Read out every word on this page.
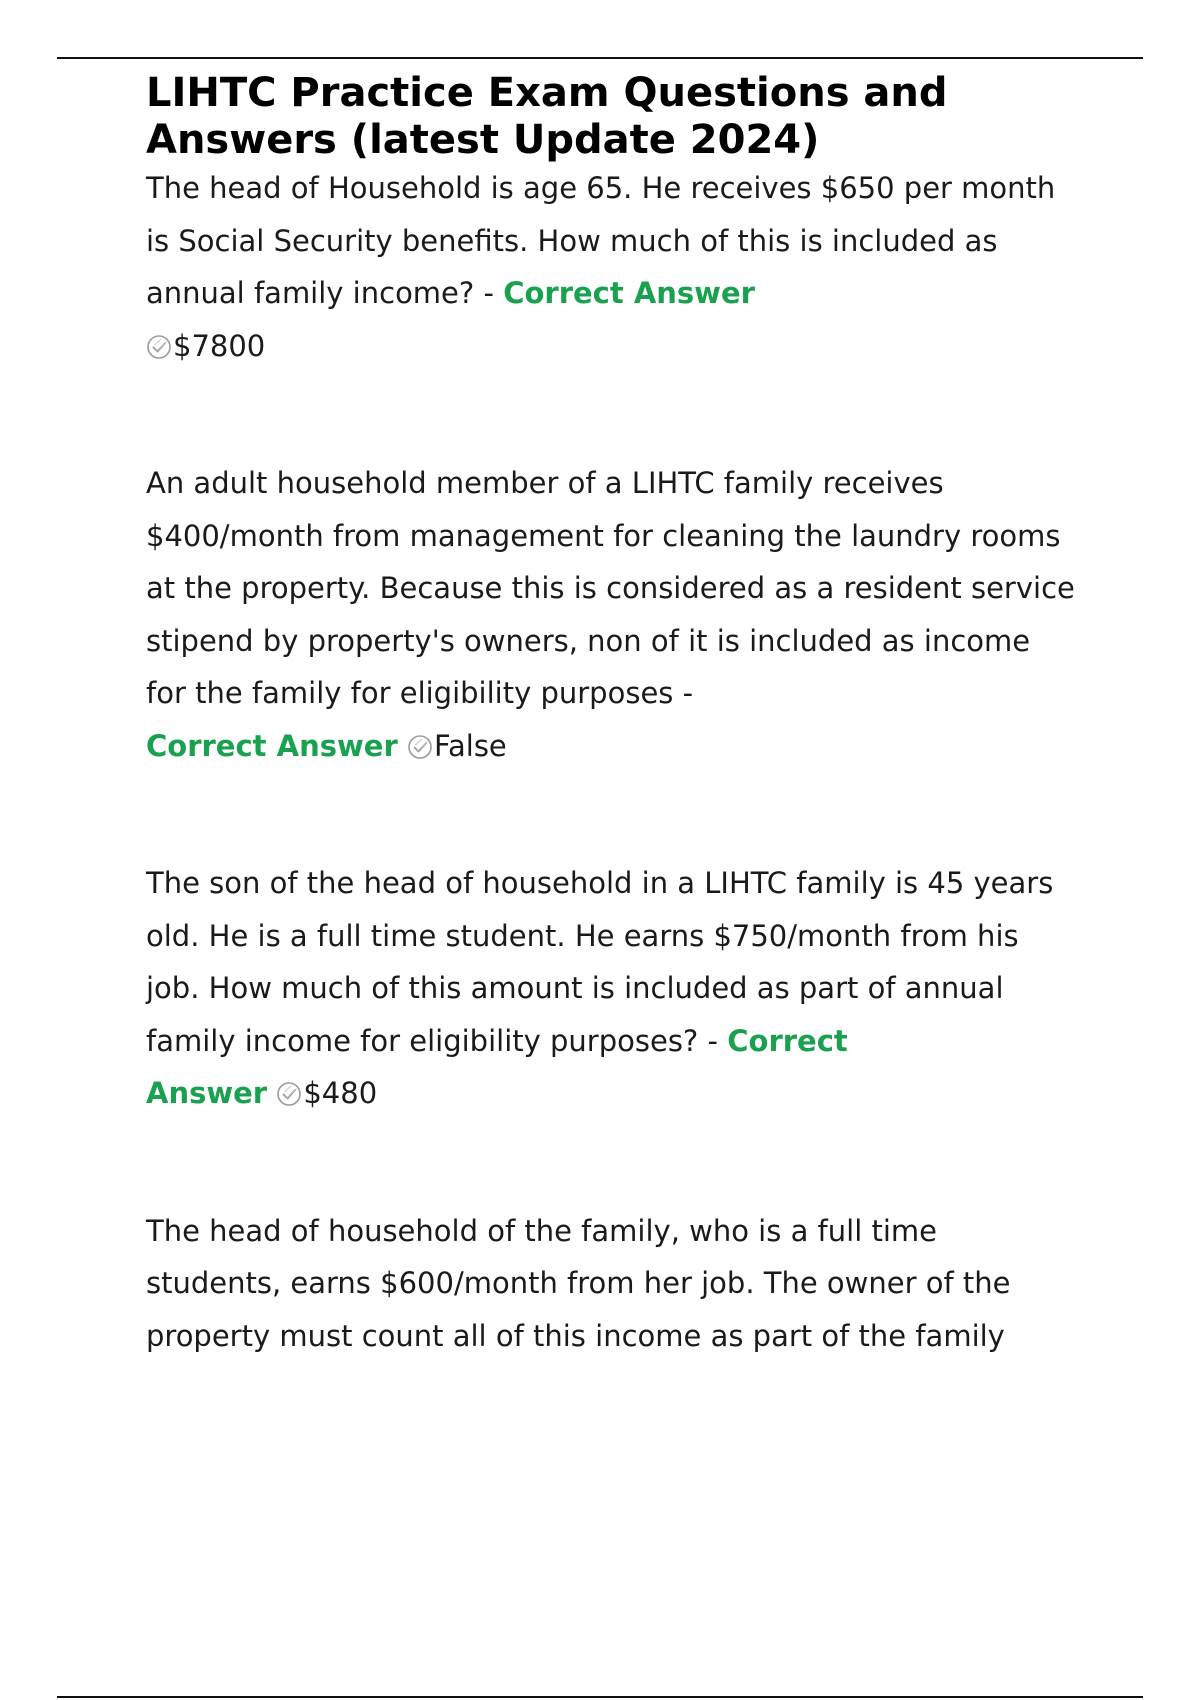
LIHTC Practice Exam Questions and Answers (latest Update 2024)

The head of Household is age 65. He receives $650 per month is Social Security benefits. How much of this is included as annual family income? - Correct Answer

$7800

An adult household member of a LIHTC family receives $400/month from management for cleaning the laundry rooms at the property. Because this is considered as a resident service stipend by property's owners, non of it is included as income for the family for eligibility purposes -
Correct Answer False

The son of the head of household in a LIHTC family is 45 years old. He is a full time student. He earns $750/month from his job. How much of this amount is included as part of annual family income for eligibility purposes? - Correct
Answer $480

The head of household of the family, who is a full time students, earns $600/month from her job. The owner of the property must count all of this income as part of the family
